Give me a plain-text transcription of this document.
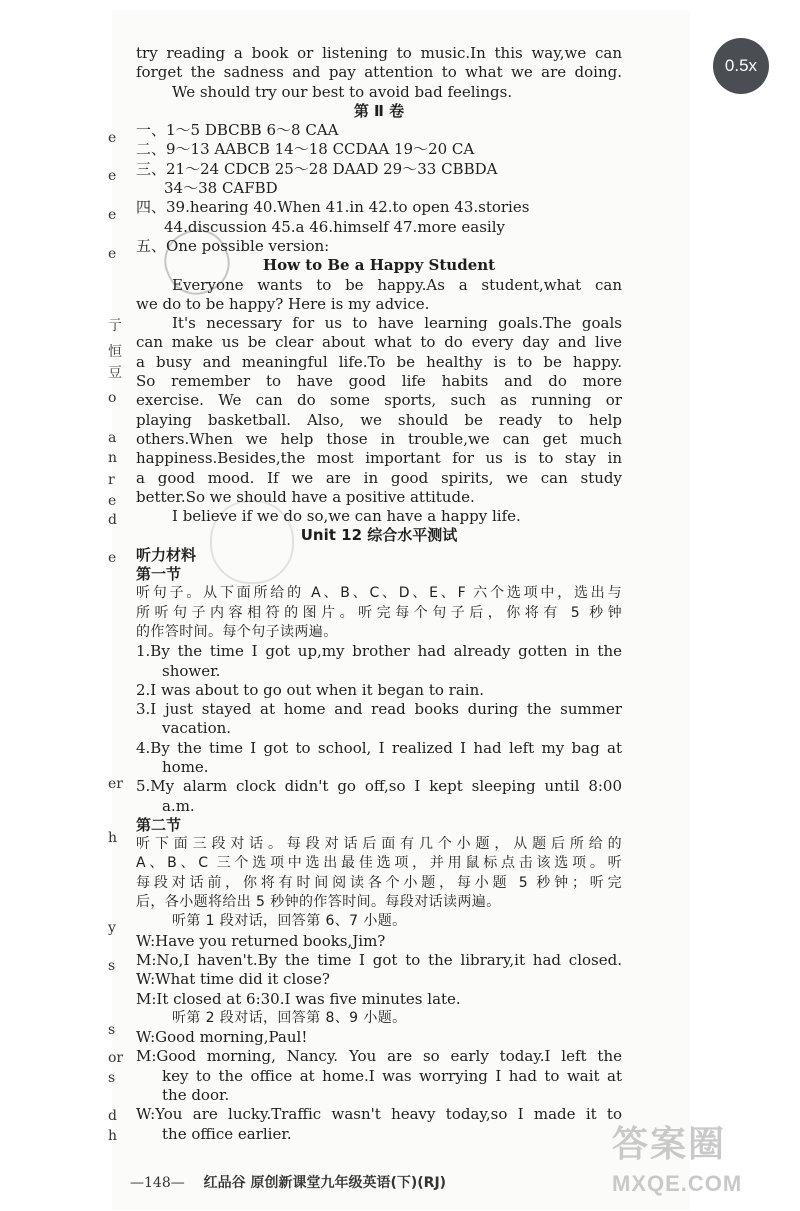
0.5x
e
e
e
e
亍
恒
豆
o
a
n
r
e
d
e
er
h
y
s
s
or
s
d
h
try reading a book or listening to music.In this way,we can
forget the sadness and pay attention to what we are doing.
We should try our best to avoid bad feelings.
第 Ⅱ 卷
一、1～5 DBCBB 6～8 CAA
二、9～13 AABCB 14～18 CCDAA 19～20 CA
三、21～24 CDCB 25～28 DAAD 29～33 CBBDA
34～38 CAFBD
四、39.hearing 40.When 41.in 42.to open 43.stories
44.discussion 45.a 46.himself 47.more easily
五、One possible version:
How to Be a Happy Student
Everyone wants to be happy.As a student,what can
we do to be happy? Here is my advice.
It's necessary for us to have learning goals.The goals
can make us be clear about what to do every day and live
a busy and meaningful life.To be healthy is to be happy.
So remember to have good life habits and do more
exercise. We can do some sports, such as running or
playing basketball. Also, we should be ready to help
others.When we help those in trouble,we can get much
happiness.Besides,the most important for us is to stay in
a good mood. If we are in good spirits, we can study
better.So we should have a positive attitude.
I believe if we do so,we can have a happy life.
Unit 12 综合水平测试
听力材料
第一节
听句子。从下面所给的 A、B、C、D、E、F 六个选项中，选出与
所听句子内容相符的图片。听完每个句子后，你将有 5 秒钟
的作答时间。每个句子读两遍。
1.By the time I got up,my brother had already gotten in the
shower.
2.I was about to go out when it began to rain.
3.I just stayed at home and read books during the summer
vacation.
4.By the time I got to school, I realized I had left my bag at
home.
5.My alarm clock didn't go off,so I kept sleeping until 8:00
a.m.
第二节
听下面三段对话。每段对话后面有几个小题，从题后所给的
A、B、C 三个选项中选出最佳选项，并用鼠标点击该选项。听
每段对话前，你将有时间阅读各个小题，每小题 5 秒钟；听完
后，各小题将给出 5 秒钟的作答时间。每段对话读两遍。
听第 1 段对话，回答第 6、7 小题。
W:Have you returned books,Jim?
M:No,I haven't.By the time I got to the library,it had closed.
W:What time did it close?
M:It closed at 6:30.I was five minutes late.
听第 2 段对话，回答第 8、9 小题。
W:Good morning,Paul!
M:Good morning, Nancy. You are so early today.I left the
key to the office at home.I was worrying I had to wait at
the door.
W:You are lucky.Traffic wasn't heavy today,so I made it to
the office earlier.
—148— 红品谷 原创新课堂九年级英语(下)(RJ)
答案圈
MXQE.COM
